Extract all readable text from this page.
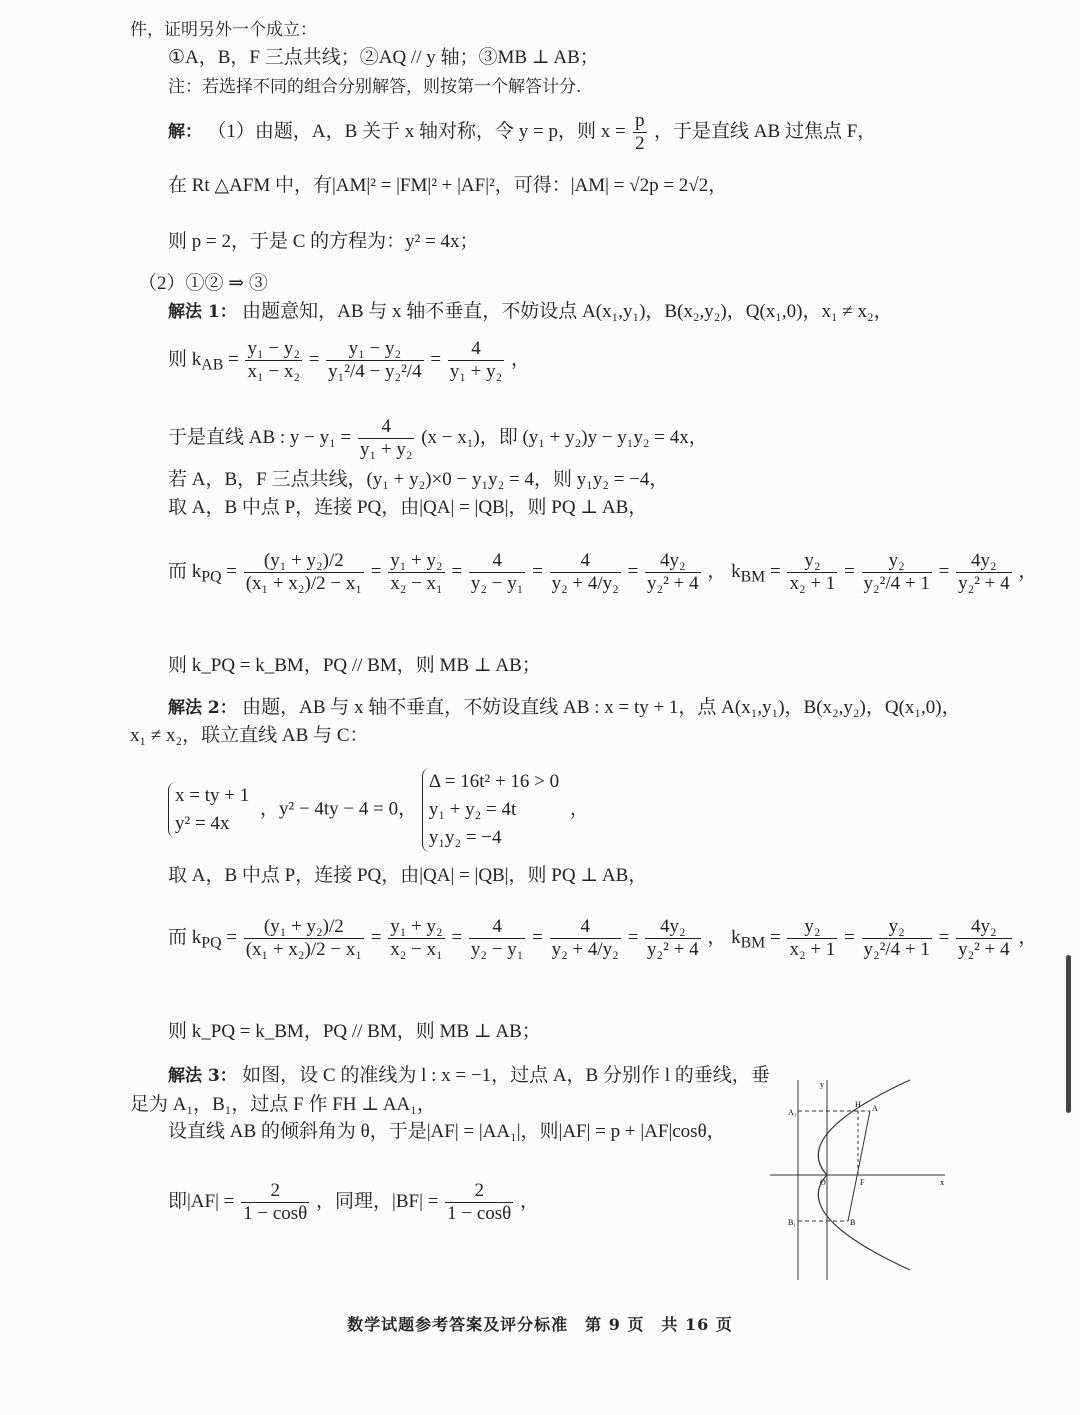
件，证明另外一个成立：
①A，B，F 三点共线；②AQ // y 轴；③MB ⊥ AB；
注：若选择不同的组合分别解答，则按第一个解答计分.
解： （1）由题，A，B 关于 x 轴对称，令 y = p，则 $x = \frac{p}{2}$ ，于是直线 AB 过焦点 F，
在 Rt △AFM 中，有|AM|² = |FM|² + |AF|²，可得：|AM| = √2p = 2√2，
则 p = 2，于是 C 的方程为：y² = 4x；
（2）①② ⇒ ③
解法 1： 由题意知，AB 与 x 轴不垂直，不妨设点 A(x₁,y₁)，B(x₂,y₂)，Q(x₁,0)，x₁ ≠ x₂，
则 $k_{AB} = \frac{\text{y₁ − y₂}}{\text{x₁ − x₂}} = \frac{\text{y₁ − y₂}}{\text{y₁²/4 − y₂²/4}} = \frac{4}{\text{y₁ + y₂}}$ ，
于是直线 AB : $y - y_1 = \frac{4}{\text{y₁ + y₂}} (x - x_1)$，即 (y₁ + y₂)y − y₁y₂ = 4x，
若 A，B，F 三点共线，(y₁ + y₂)×0 − y₁y₂ = 4，则 y₁y₂ = −4，
取 A，B 中点 P，连接 PQ，由|QA| = |QB|，则 PQ ⊥ AB，
而 $k_{PQ} = \frac{\text{(y₁ + y₂)/2}}{\text{(x₁ + x₂)/2 − x₁}} = \frac{\text{y₁ + y₂}}{\text{x₂ − x₁}} = \frac{4}{\text{y₂ − y₁}} = \frac{4}{\text{y₂ + 4/y₂}} = \frac{\text{4y₂}}{\text{y₂² + 4}}$ ， $k_{BM} = \frac{\text{y₂}}{\text{x₂ + 1}} = \frac{\text{y₂}}{\text{y₂²/4 + 1}} = \frac{\text{4y₂}}{\text{y₂² + 4}}$ ，
则 k_PQ = k_BM，PQ // BM，则 MB ⊥ AB；
解法 2： 由题，AB 与 x 轴不垂直，不妨设直线 AB : x = ty + 1，点 A(x₁,y₁)，B(x₂,y₂)，Q(x₁,0)，
x₁ ≠ x₂，联立直线 AB 与 C：
x = ty + 1
y² = 4x
，y² − 4ty − 4 = 0，
Δ = 16t² + 16 > 0
y₁ + y₂ = 4t
y₁y₂ = −4
，
取 A，B 中点 P，连接 PQ，由|QA| = |QB|，则 PQ ⊥ AB，
而 $k_{PQ} = \frac{\text{(y₁ + y₂)/2}}{\text{(x₁ + x₂)/2 − x₁}} = \frac{\text{y₁ + y₂}}{\text{x₂ − x₁}} = \frac{4}{\text{y₂ − y₁}} = \frac{4}{\text{y₂ + 4/y₂}} = \frac{\text{4y₂}}{\text{y₂² + 4}}$ ， $k_{BM} = \frac{\text{y₂}}{\text{x₂ + 1}} = \frac{\text{y₂}}{\text{y₂²/4 + 1}} = \frac{\text{4y₂}}{\text{y₂² + 4}}$ ，
则 k_PQ = k_BM，PQ // BM，则 MB ⊥ AB；
解法 3： 如图，设 C 的准线为 l : x = −1，过点 A，B 分别作 l 的垂线，垂
足为 A₁，B₁，过点 F 作 FH ⊥ AA₁，
设直线 AB 的倾斜角为 θ，于是|AF| = |AA₁|，则|AF| = p + |AF|cosθ，
即$|AF| = \frac{2}{1 - \cos\theta}$ ，同理，$|BF| = \frac{2}{1 - \cos\theta}$ ，
A₁
B₁
H A
B
O	F	x
y
数学试题参考答案及评分标准　第 9 页　共 16 页
